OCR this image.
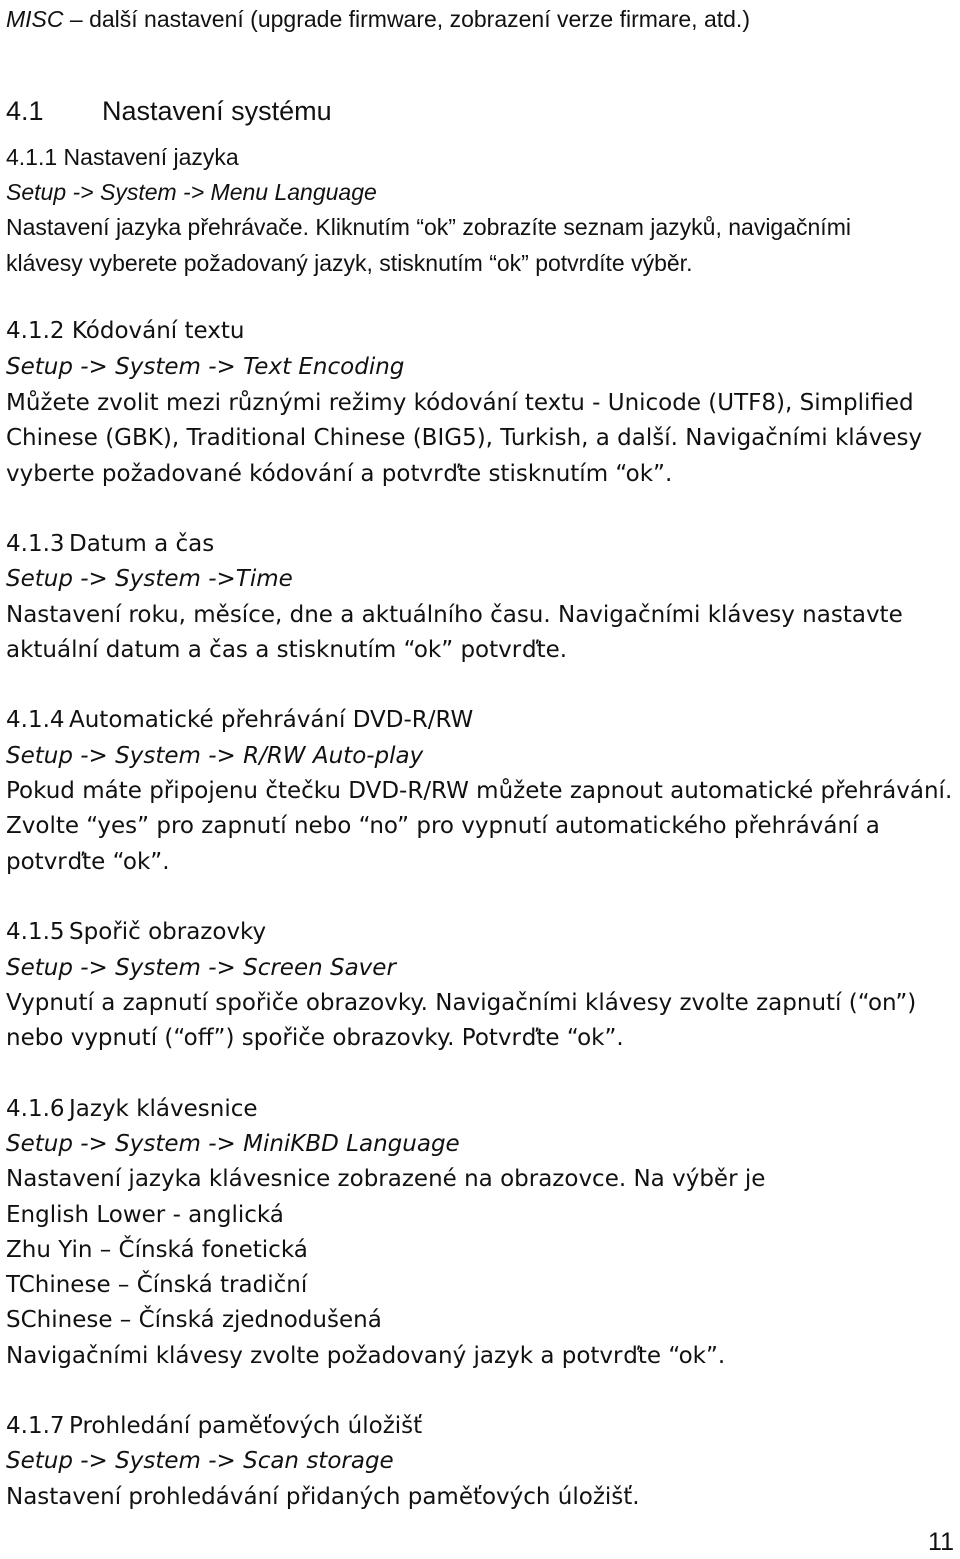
MISC – další nastavení (upgrade firmware, zobrazení verze firmare, atd.)
4.1 Nastavení systému
4.1.1 Nastavení jazyka
Setup -> System -> Menu Language
Nastavení jazyka přehrávače. Kliknutím “ok” zobrazíte seznam jazyků, navigačními
klávesy vyberete požadovaný jazyk, stisknutím “ok” potvrdíte výběr.
4.1.2 Kódování textu
Setup -> System -> Text Encoding
Můžete zvolit mezi různými režimy kódování textu - Unicode (UTF8), Simplified
Chinese (GBK), Traditional Chinese (BIG5), Turkish, a další. Navigačními klávesy
vyberte požadované kódování a potvrďte stisknutím “ok”.
4.1.3 Datum a čas
Setup -> System ->Time
Nastavení roku, měsíce, dne a aktuálního času. Navigačními klávesy nastavte
aktuální datum a čas a stisknutím “ok” potvrďte.
4.1.4 Automatické přehrávání DVD-R/RW
Setup -> System -> R/RW Auto-play
Pokud máte připojenu čtečku DVD-R/RW můžete zapnout automatické přehrávání.
Zvolte “yes” pro zapnutí nebo “no” pro vypnutí automatického přehrávání a
potvrďte “ok”.
4.1.5 Spořič obrazovky
Setup -> System -> Screen Saver
Vypnutí a zapnutí spořiče obrazovky. Navigačními klávesy zvolte zapnutí (“on”)
nebo vypnutí (“off”) spořiče obrazovky. Potvrďte “ok”.
4.1.6 Jazyk klávesnice
Setup -> System -> MiniKBD Language
Nastavení jazyka klávesnice zobrazené na obrazovce. Na výběr je
English Lower - anglická
Zhu Yin – Čínská fonetická
TChinese – Čínská tradiční
SChinese – Čínská zjednodušená
Navigačními klávesy zvolte požadovaný jazyk a potvrďte “ok”.
4.1.7 Prohledání paměťových úložišť
Setup -> System -> Scan storage
Nastavení prohledávání přidaných paměťových úložišť.
11
